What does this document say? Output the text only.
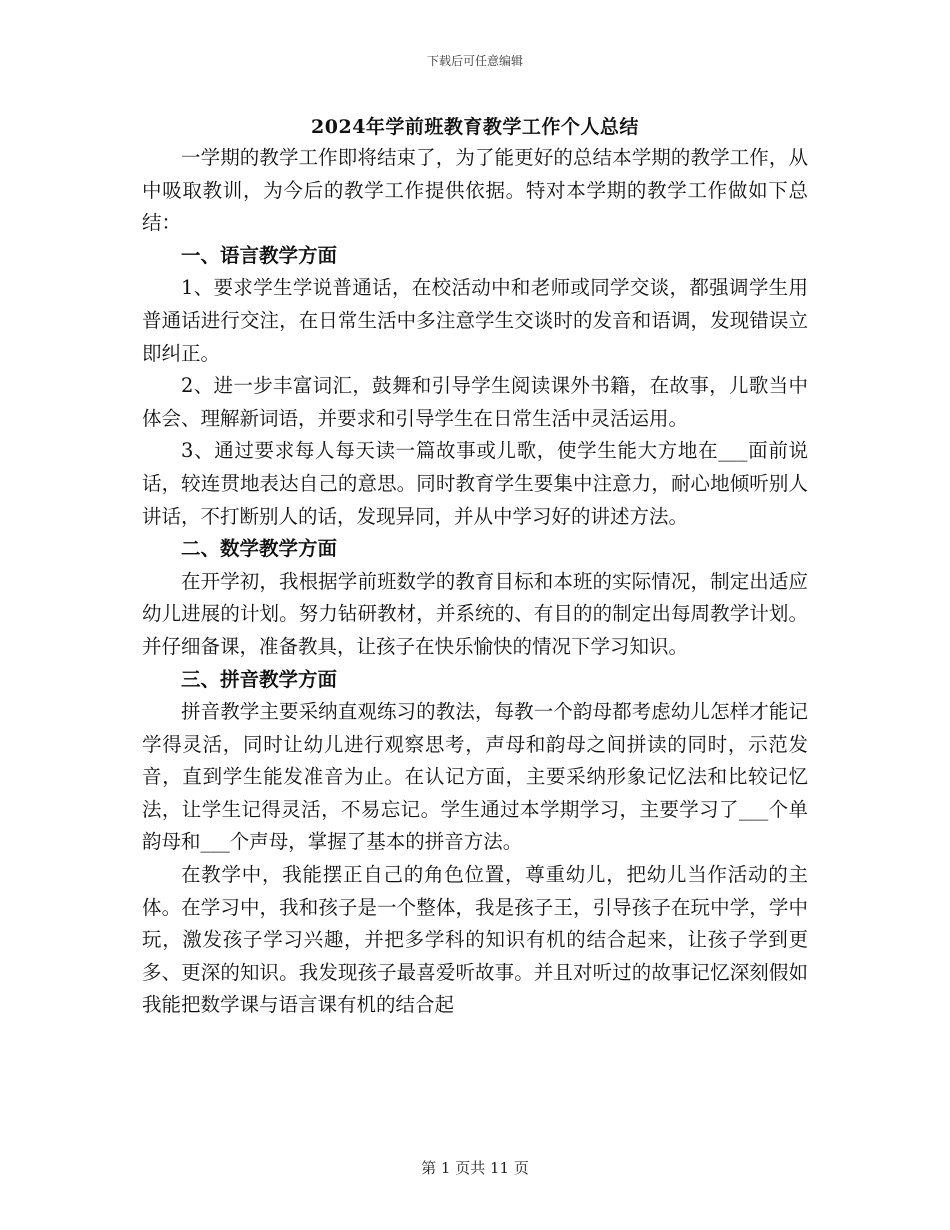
下载后可任意编辑
2024年学前班教育教学工作个人总结

一学期的教学工作即将结束了，为了能更好的总结本学期的教学工作，从中吸取教训，为今后的教学工作提供依据。特对本学期的教学工作做如下总结：

一、语言教学方面

1、要求学生学说普通话，在校活动中和老师或同学交谈，都强调学生用普通话进行交注，在日常生活中多注意学生交谈时的发音和语调，发现错误立即纠正。

2、进一步丰富词汇，鼓舞和引导学生阅读课外书籍，在故事，儿歌当中体会、理解新词语，并要求和引导学生在日常生活中灵活运用。

3、通过要求每人每天读一篇故事或儿歌，使学生能大方地在___面前说话，较连贯地表达自己的意思。同时教育学生要集中注意力，耐心地倾听别人讲话，不打断别人的话，发现异同，并从中学习好的讲述方法。

二、数学教学方面

在开学初，我根据学前班数学的教育目标和本班的实际情况，制定出适应幼儿进展的计划。努力钻研教材，并系统的、有目的的制定出每周教学计划。并仔细备课，准备教具，让孩子在快乐愉快的情况下学习知识。

三、拼音教学方面

拼音教学主要采纳直观练习的教法，每教一个韵母都考虑幼儿怎样才能记学得灵活，同时让幼儿进行观察思考，声母和韵母之间拼读的同时，示范发音，直到学生能发准音为止。在认记方面，主要采纳形象记忆法和比较记忆法，让学生记得灵活，不易忘记。学生通过本学期学习，主要学习了___个单韵母和___个声母，掌握了基本的拼音方法。

在教学中，我能摆正自己的角色位置，尊重幼儿，把幼儿当作活动的主体。在学习中，我和孩子是一个整体，我是孩子王，引导孩子在玩中学，学中玩，激发孩子学习兴趣，并把多学科的知识有机的结合起来，让孩子学到更多、更深的知识。我发现孩子最喜爱听故事。并且对听过的故事记忆深刻假如我能把数学课与语言课有机的结合起

第 1 页共 11 页
